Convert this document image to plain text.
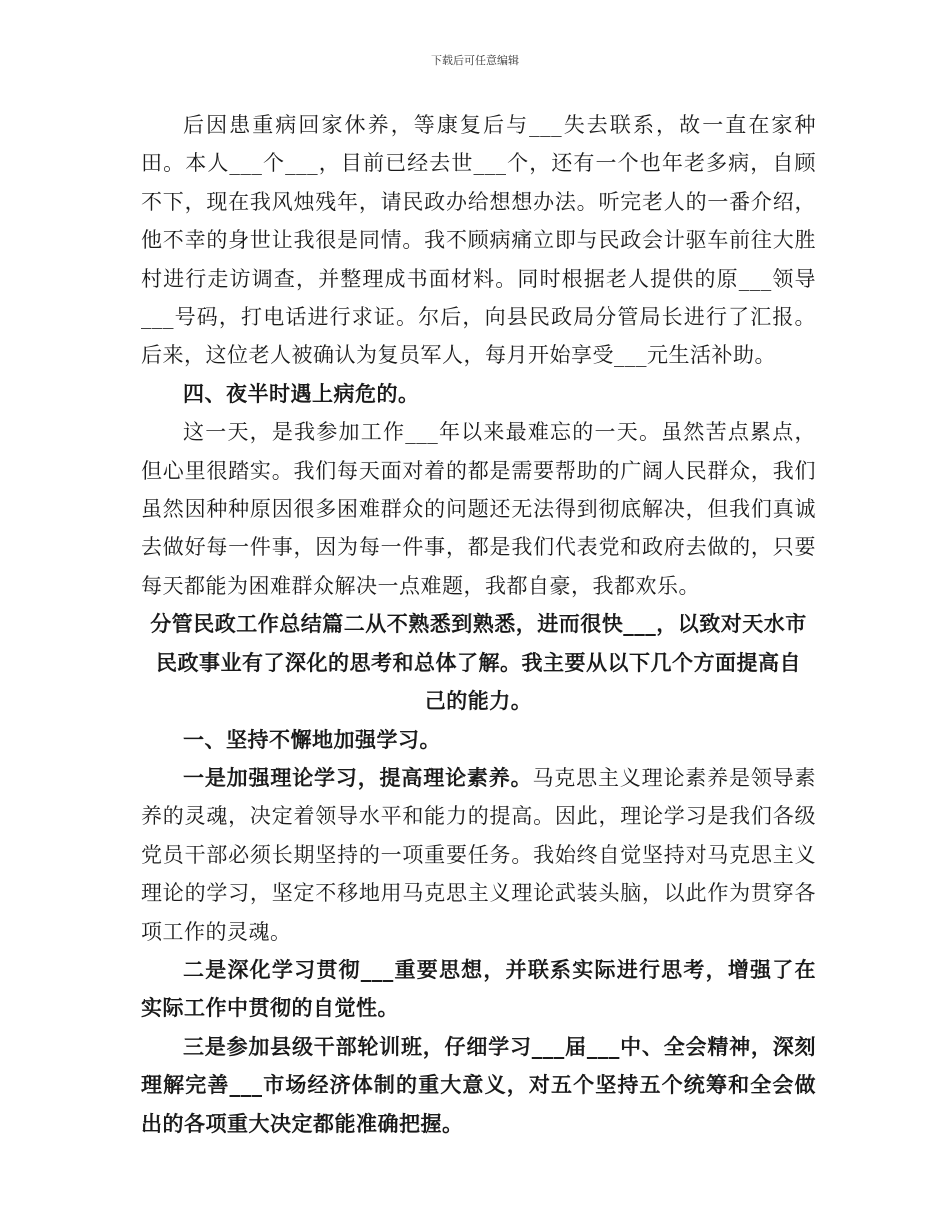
下载后可任意编辑

后因患重病回家休养，等康复后与___失去联系，故一直在家种田。本人___个___，目前已经去世___个，还有一个也年老多病，自顾不下，现在我风烛残年，请民政办给想想办法。听完老人的一番介绍，他不幸的身世让我很是同情。我不顾病痛立即与民政会计驱车前往大胜村进行走访调查，并整理成书面材料。同时根据老人提供的原___领导___号码，打电话进行求证。尔后，向县民政局分管局长进行了汇报。后来，这位老人被确认为复员军人，每月开始享受___元生活补助。

四、夜半时遇上病危的。

这一天，是我参加工作___年以来最难忘的一天。虽然苦点累点，但心里很踏实。我们每天面对着的都是需要帮助的广阔人民群众，我们虽然因种种原因很多困难群众的问题还无法得到彻底解决，但我们真诚去做好每一件事，因为每一件事，都是我们代表党和政府去做的，只要每天都能为困难群众解决一点难题，我都自豪，我都欢乐。

分管民政工作总结篇二从不熟悉到熟悉，进而很快___，以致对天水市民政事业有了深化的思考和总体了解。我主要从以下几个方面提高自己的能力。

一、坚持不懈地加强学习。

一是加强理论学习，提高理论素养。马克思主义理论素养是领导素养的灵魂，决定着领导水平和能力的提高。因此，理论学习是我们各级党员干部必须长期坚持的一项重要任务。我始终自觉坚持对马克思主义理论的学习，坚定不移地用马克思主义理论武装头脑，以此作为贯穿各项工作的灵魂。

二是深化学习贯彻___重要思想，并联系实际进行思考，增强了在实际工作中贯彻的自觉性。

三是参加县级干部轮训班，仔细学习___届___中、全会精神，深刻理解完善___市场经济体制的重大意义，对五个坚持五个统筹和全会做出的各项重大决定都能准确把握。
